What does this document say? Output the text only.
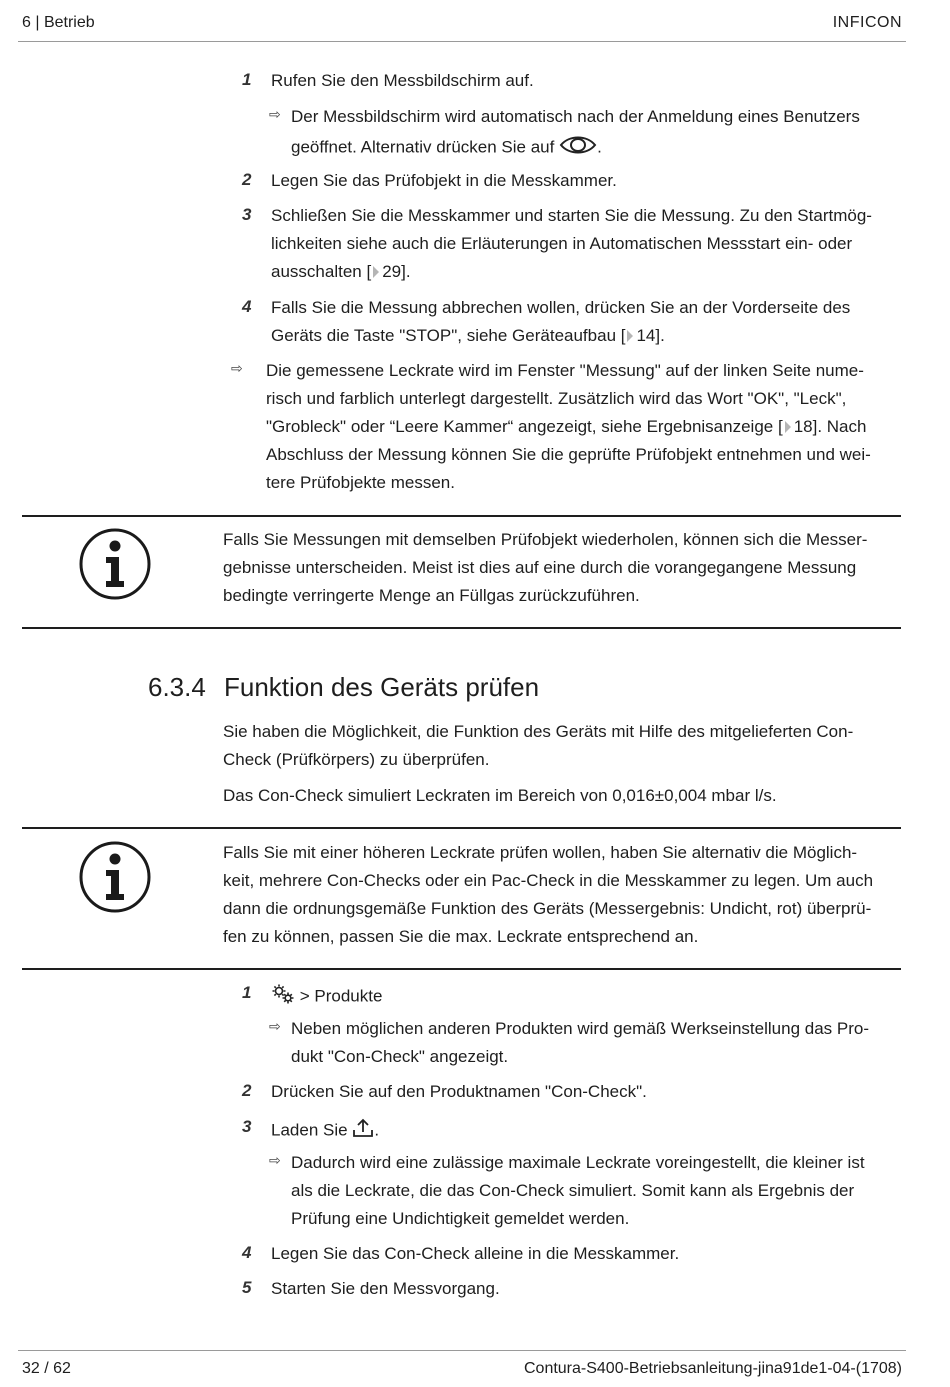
6 | Betrieb	INFICON
1	Rufen Sie den Messbildschirm auf.
⇨ Der Messbildschirm wird automatisch nach der Anmeldung eines Benutzers
geöffnet. Alternativ drücken Sie auf	.
2	Legen Sie das Prüfobjekt in die Messkammer.
3	Schließen Sie die Messkammer und starten Sie die Messung. Zu den Startmög-
lichkeiten siehe auch die Erläuterungen in Automatischen Messstart ein- oder
ausschalten [ 29].
4	Falls Sie die Messung abbrechen wollen, drücken Sie an der Vorderseite des
Geräts die Taste "STOP", siehe Geräteaufbau [ 14].
⇨ Die gemessene Leckrate wird im Fenster "Messung" auf der linken Seite nume-
risch und farblich unterlegt dargestellt. Zusätzlich wird das Wort "OK", "Leck",
"Grobleck" oder “Leere Kammer“ angezeigt, siehe Ergebnisanzeige [ 18]. Nach
Abschluss der Messung können Sie die geprüfte Prüfobjekt entnehmen und wei-
tere Prüfobjekte messen.
Falls Sie Messungen mit demselben Prüfobjekt wiederholen, können sich die Messer-
gebnisse unterscheiden. Meist ist dies auf eine durch die vorangegangene Messung
bedingte verringerte Menge an Füllgas zurückzuführen.
6.3.4 Funktion des Geräts prüfen
Sie haben die Möglichkeit, die Funktion des Geräts mit Hilfe des mitgelieferten Con-
Check (Prüfkörpers) zu überprüfen.
Das Con-Check simuliert Leckraten im Bereich von 0,016±0,004 mbar l/s.
Falls Sie mit einer höheren Leckrate prüfen wollen, haben Sie alternativ die Möglich-
keit, mehrere Con-Checks oder ein Pac-Check in die Messkammer zu legen. Um auch
dann die ordnungsgemäße Funktion des Geräts (Messergebnis: Undicht, rot) überprü-
fen zu können, passen Sie die max. Leckrate entsprechend an.
1	> Produkte
⇨ Neben möglichen anderen Produkten wird gemäß Werkseinstellung das Pro-
dukt "Con-Check" angezeigt.
2	Drücken Sie auf den Produktnamen "Con-Check".
3	Laden Sie .
⇨ Dadurch wird eine zulässige maximale Leckrate voreingestellt, die kleiner ist
als die Leckrate, die das Con-Check simuliert. Somit kann als Ergebnis der
Prüfung eine Undichtigkeit gemeldet werden.
4	Legen Sie das Con-Check alleine in die Messkammer.
5	Starten Sie den Messvorgang.
32 / 62	Contura-S400-Betriebsanleitung-jina91de1-04-(1708)
